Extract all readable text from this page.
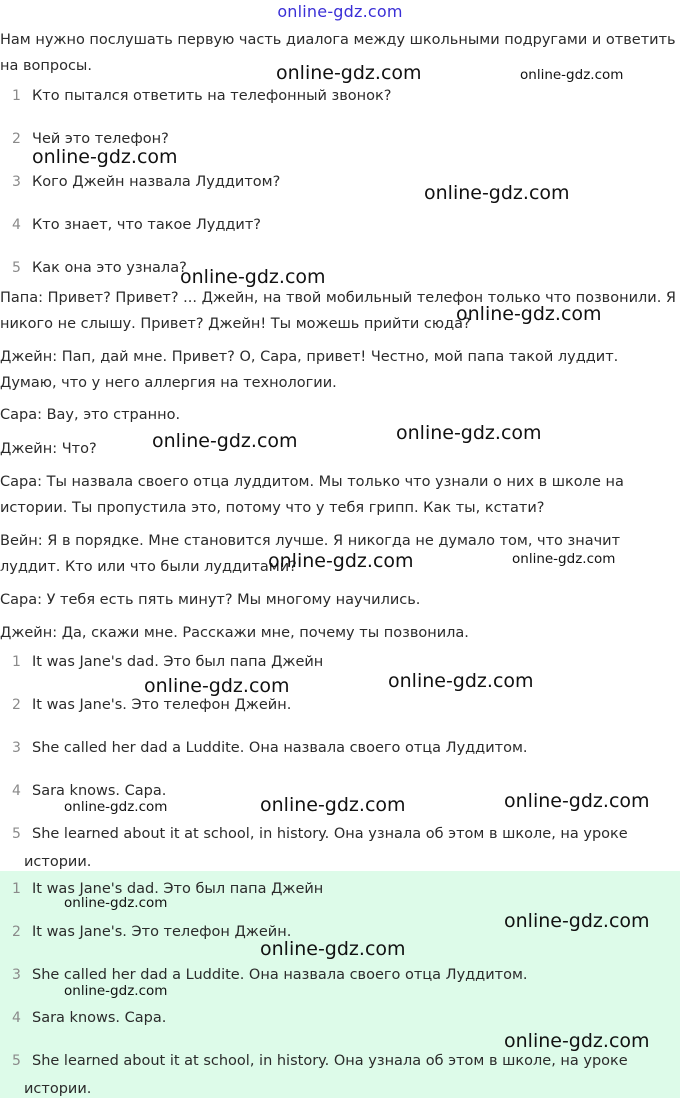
online-gdz.com

Нам нужно послушать первую часть диалога между школьными подругами и ответить на вопросы.

1 Кто пытался ответить на телефонный звонок?
2 Чей это телефон?
3 Кого Джейн назвала Луддитом?
4 Кто знает, что такое Луддит?
5 Как она это узнала?

Папа: Привет? Привет? ... Джейн, на твой мобильный телефон только что позвонили. Я никого не слышу. Привет? Джейн! Ты можешь прийти сюда?

Джейн: Пап, дай мне. Привет? О, Сара, привет! Честно, мой папа такой луддит. Думаю, что у него аллергия на технологии.

Сара: Вау, это странно.

Джейн: Что?

Сара: Ты назвала своего отца луддитом. Мы только что узнали о них в школе на истории. Ты пропустила это, потому что у тебя грипп. Как ты, кстати?

Вейн: Я в порядке. Мне становится лучше. Я никогда не думало том, что значит луддит. Кто или что были луддитами?

Сара: У тебя есть пять минут? Мы многому научились.

Джейн: Да, скажи мне. Расскажи мне, почему ты позвонила.

1 It was Jane's dad. Это был папа Джейн
2 It was Jane's. Это телефон Джейн.
3 She called her dad a Luddite. Она назвала своего отца Луддитом.
4 Sara knows. Сара.
5 She learned about it at school, in history. Она узнала об этом в школе, на уроке
истории.
1 It was Jane's dad. Это был папа Джейн
2 It was Jane's. Это телефон Джейн.
3 She called her dad a Luddite. Она назвала своего отца Луддитом.
4 Sara knows. Сара.
5 She learned about it at school, in history. Она узнала об этом в школе, на уроке
истории.
online-gdz.com	online-gdz.com
online-gdz.com
online-gdz.com
online-gdz.com
online-gdz.com
online-gdz.com	online-gdz.com
online-gdz.com	online-gdz.com
online-gdz.com	online-gdz.com
online-gdz.com	online-gdz.com	online-gdz.com
online-gdz.com
online-gdz.com
online-gdz.com
online-gdz.com
online-gdz.com
